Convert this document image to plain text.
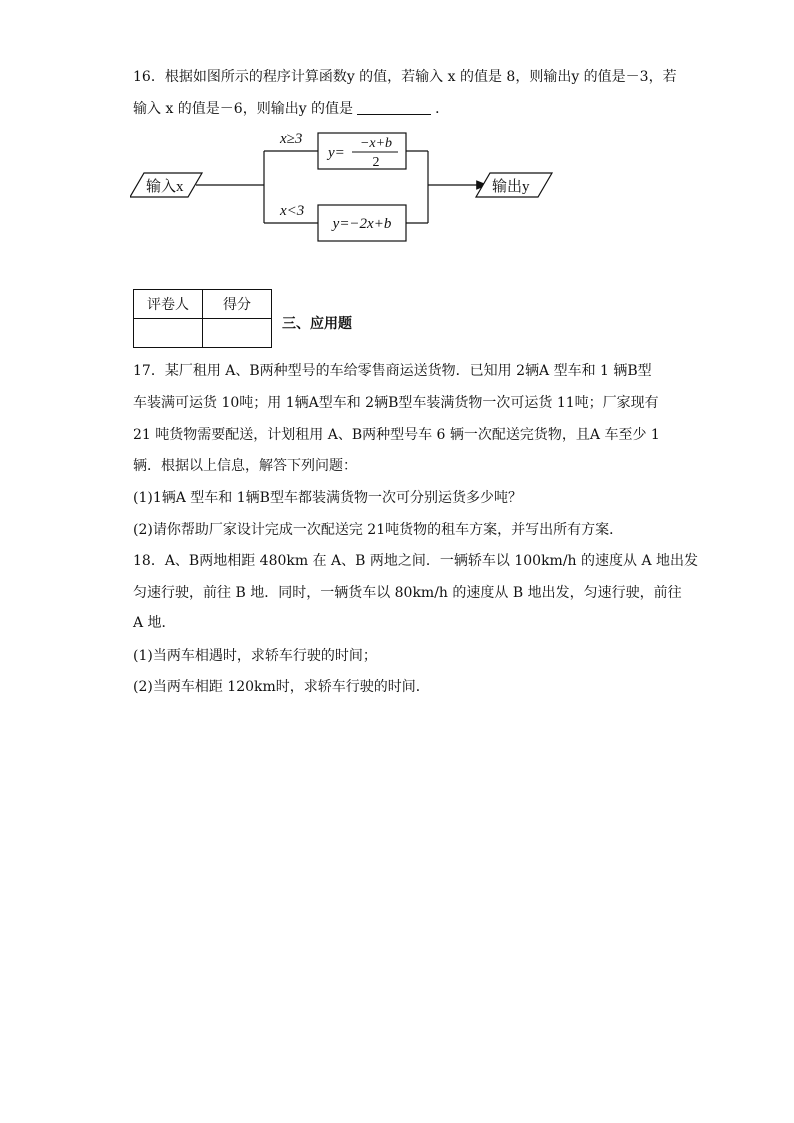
16．根据如图所示的程序计算函数y 的值，若输入 x 的值是 8，则输出y 的值是－3，若
输入 x 的值是－6，则输出y 的值是	．
输入x
x≥3
x<3
y=
−x+b
2
y=−2x+b
输出y
评卷人	得分

三、应用题
17．某厂租用 A、B两种型号的车给零售商运送货物．已知用 2辆A 型车和 1 辆B型
车装满可运货 10吨；用 1辆A型车和 2辆B型车装满货物一次可运货 11吨；厂家现有
21 吨货物需要配送，计划租用 A、B两种型号车 6 辆一次配送完货物，且A 车至少 1
辆．根据以上信息，解答下列问题：
(1)1辆A 型车和 1辆B型车都装满货物一次可分别运货多少吨？
(2)请你帮助厂家设计完成一次配送完 21吨货物的租车方案，并写出所有方案．
18．A、B两地相距 480km 在 A、B 两地之间．一辆轿车以 100km/h 的速度从 A 地出发
匀速行驶，前往 B 地．同时，一辆货车以 80km/h 的速度从 B 地出发，匀速行驶，前往
A 地．
(1)当两车相遇时，求轿车行驶的时间；
(2)当两车相距 120km时，求轿车行驶的时间．
